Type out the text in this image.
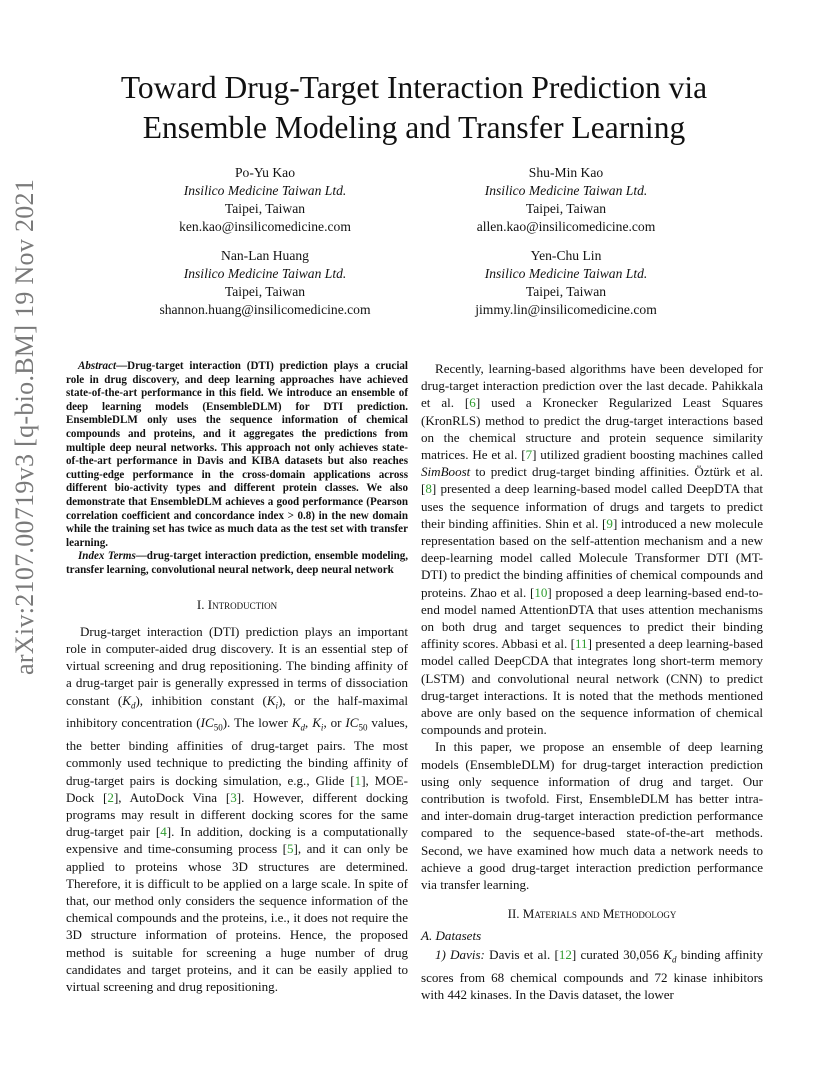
arXiv:2107.00719v3 [q-bio.BM] 19 Nov 2021
Toward Drug-Target Interaction Prediction via
Ensemble Modeling and Transfer Learning
Po-Yu Kao
Insilico Medicine Taiwan Ltd.
Taipei, Taiwan
ken.kao@insilicomedicine.com
Shu-Min Kao
Insilico Medicine Taiwan Ltd.
Taipei, Taiwan
allen.kao@insilicomedicine.com
Nan-Lan Huang
Insilico Medicine Taiwan Ltd.
Taipei, Taiwan
shannon.huang@insilicomedicine.com
Yen-Chu Lin
Insilico Medicine Taiwan Ltd.
Taipei, Taiwan
jimmy.lin@insilicomedicine.com

Abstract—Drug-target interaction (DTI) prediction plays a crucial role in drug discovery, and deep learning approaches have achieved state-of-the-art performance in this field. We introduce an ensemble of deep learning models (EnsembleDLM) for DTI prediction. EnsembleDLM only uses the sequence information of chemical compounds and proteins, and it aggregates the predictions from multiple deep neural networks. This approach not only achieves state-of-the-art performance in Davis and KIBA datasets but also reaches cutting-edge performance in the cross-domain applications across different bio-activity types and different protein classes. We also demonstrate that EnsembleDLM achieves a good performance (Pearson correlation coefficient and concordance index > 0.8) in the new domain while the training set has twice as much data as the test set with transfer learning.

Index Terms—drug-target interaction prediction, ensemble modeling, transfer learning, convolutional neural network, deep neural network

I. Introduction

Drug-target interaction (DTI) prediction plays an important role in computer-aided drug discovery. It is an essential step of virtual screening and drug repositioning. The binding affinity of a drug-target pair is generally expressed in terms of dissociation constant $(K_d)$, inhibition constant $(K_i)$, or the half-maximal inhibitory concentration $(IC_{50})$. The lower $K_d$, $K_i$, or $IC_{50}$ values, the better binding affinities of drug-target pairs. The most commonly used technique to predicting the binding affinity of drug-target pairs is docking simulation, e.g., Glide [1], MOE-Dock [2], AutoDock Vina [3]. However, different docking programs may result in different docking scores for the same drug-target pair [4]. In addition, docking is a computationally expensive and time-consuming process [5], and it can only be applied to proteins whose 3D structures are determined. Therefore, it is difficult to be applied on a large scale. In spite of that, our method only considers the sequence information of the chemical compounds and the proteins, i.e., it does not require the 3D structure information of proteins. Hence, the proposed method is suitable for screening a huge number of drug candidates and target proteins, and it can be easily applied to virtual screening and drug repositioning.

Recently, learning-based algorithms have been developed for drug-target interaction prediction over the last decade. Pahikkala et al. [6] used a Kronecker Regularized Least Squares (KronRLS) method to predict the drug-target interactions based on the chemical structure and protein sequence similarity matrices. He et al. [7] utilized gradient boosting machines called SimBoost to predict drug-target binding affinities. Öztürk et al. [8] presented a deep learning-based model called DeepDTA that uses the sequence information of drugs and targets to predict their binding affinities. Shin et al. [9] introduced a new molecule representation based on the self-attention mechanism and a new deep-learning model called Molecule Transformer DTI (MT-DTI) to predict the binding affinities of chemical compounds and proteins. Zhao et al. [10] proposed a deep learning-based end-to-end model named AttentionDTA that uses attention mechanisms on both drug and target sequences to predict their binding affinity scores. Abbasi et al. [11] presented a deep learning-based model called DeepCDA that integrates long short-term memory (LSTM) and convolutional neural network (CNN) to predict drug-target interactions. It is noted that the methods mentioned above are only based on the sequence information of chemical compounds and protein.

In this paper, we propose an ensemble of deep learning models (EnsembleDLM) for drug-target interaction prediction using only sequence information of drug and target. Our contribution is twofold. First, EnsembleDLM has better intra- and inter-domain drug-target interaction prediction performance compared to the sequence-based state-of-the-art methods. Second, we have examined how much data a network needs to achieve a good drug-target interaction prediction performance via transfer learning.

II. Materials and Methodology
A. Datasets

1) Davis: Davis et al. [12] curated 30,056 $K_d$ binding affinity scores from 68 chemical compounds and 72 kinase inhibitors with 442 kinases. In the Davis dataset, the lower
